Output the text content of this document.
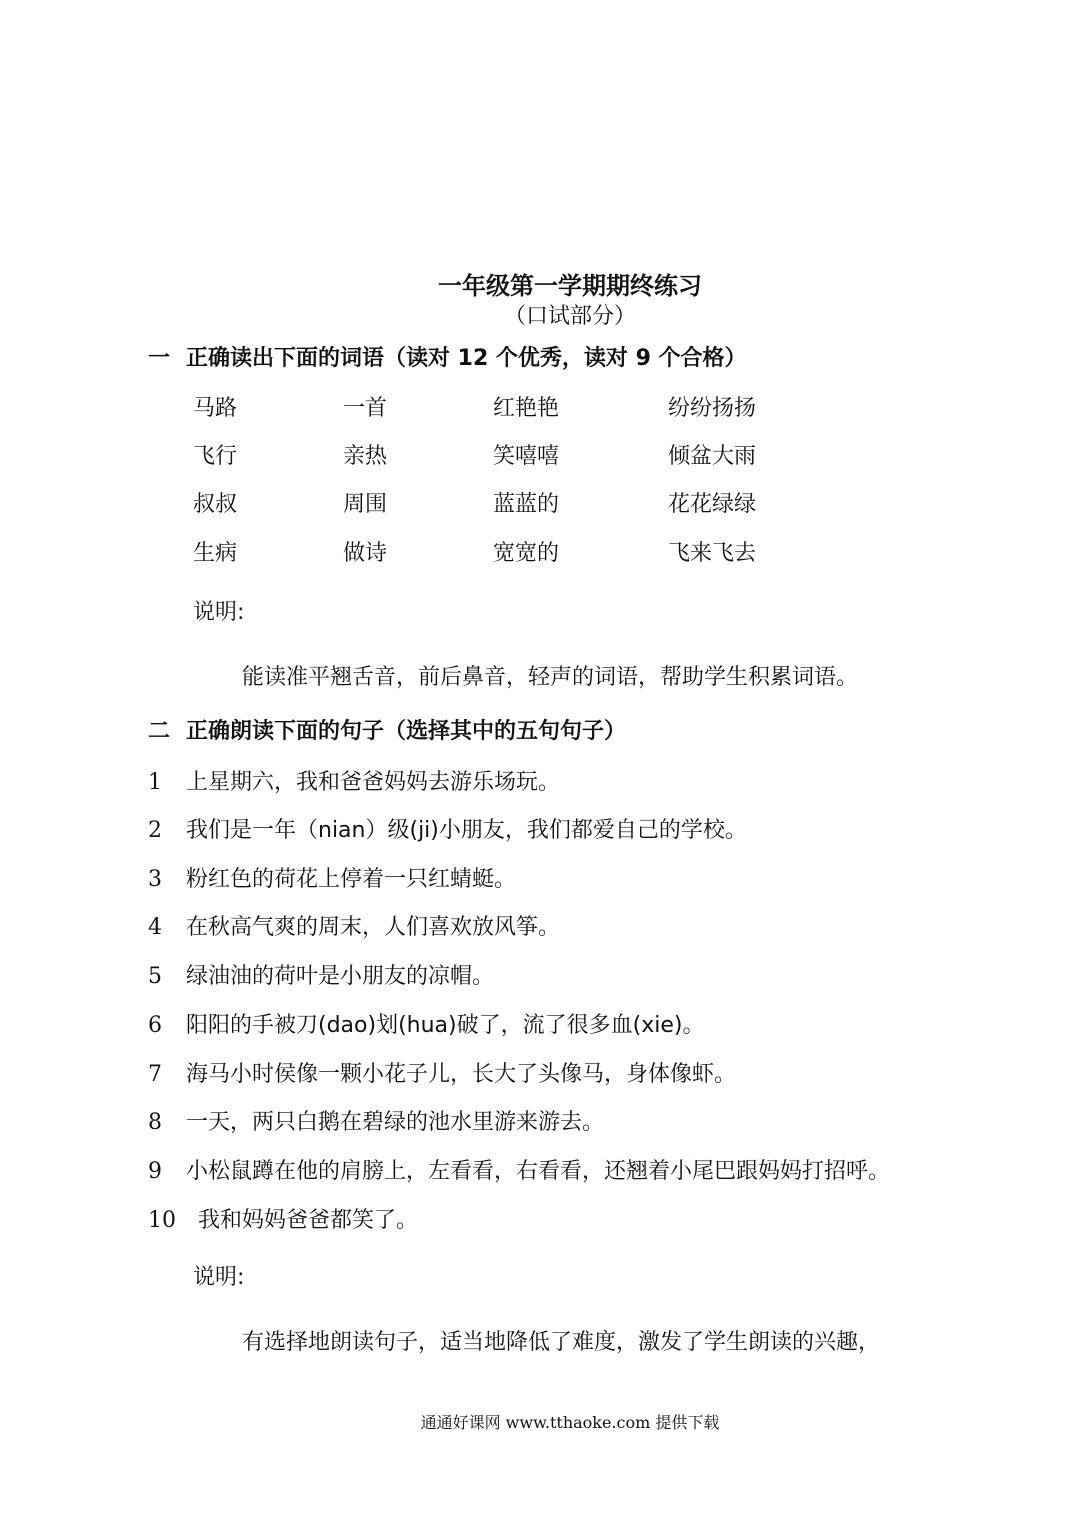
一年级第一学期期终练习
（口试部分）
一 正确读出下面的词语（读对 12 个优秀，读对 9 个合格）
马路	一首	红艳艳	纷纷扬扬
飞行	亲热	笑嘻嘻	倾盆大雨
叔叔	周围	蓝蓝的	花花绿绿
生病	做诗	宽宽的	飞来飞去
说明:
能读准平翘舌音，前后鼻音，轻声的词语，帮助学生积累词语。
二 正确朗读下面的句子（选择其中的五句句子）
1 上星期六，我和爸爸妈妈去游乐场玩。
2 我们是一年（nian）级(ji)小朋友，我们都爱自己的学校。
3 粉红色的荷花上停着一只红蜻蜓。
4 在秋高气爽的周末，人们喜欢放风筝。
5 绿油油的荷叶是小朋友的凉帽。
6 阳阳的手被刀(dao)划(hua)破了，流了很多血(xie)。
7 海马小时侯像一颗小花子儿，长大了头像马，身体像虾。
8 一天，两只白鹅在碧绿的池水里游来游去。
9 小松鼠蹲在他的肩膀上，左看看，右看看，还翘着小尾巴跟妈妈打招呼。
10 我和妈妈爸爸都笑了。
说明:
有选择地朗读句子，适当地降低了难度，激发了学生朗读的兴趣，
通通好课网 www.tthaoke.com 提供下载
